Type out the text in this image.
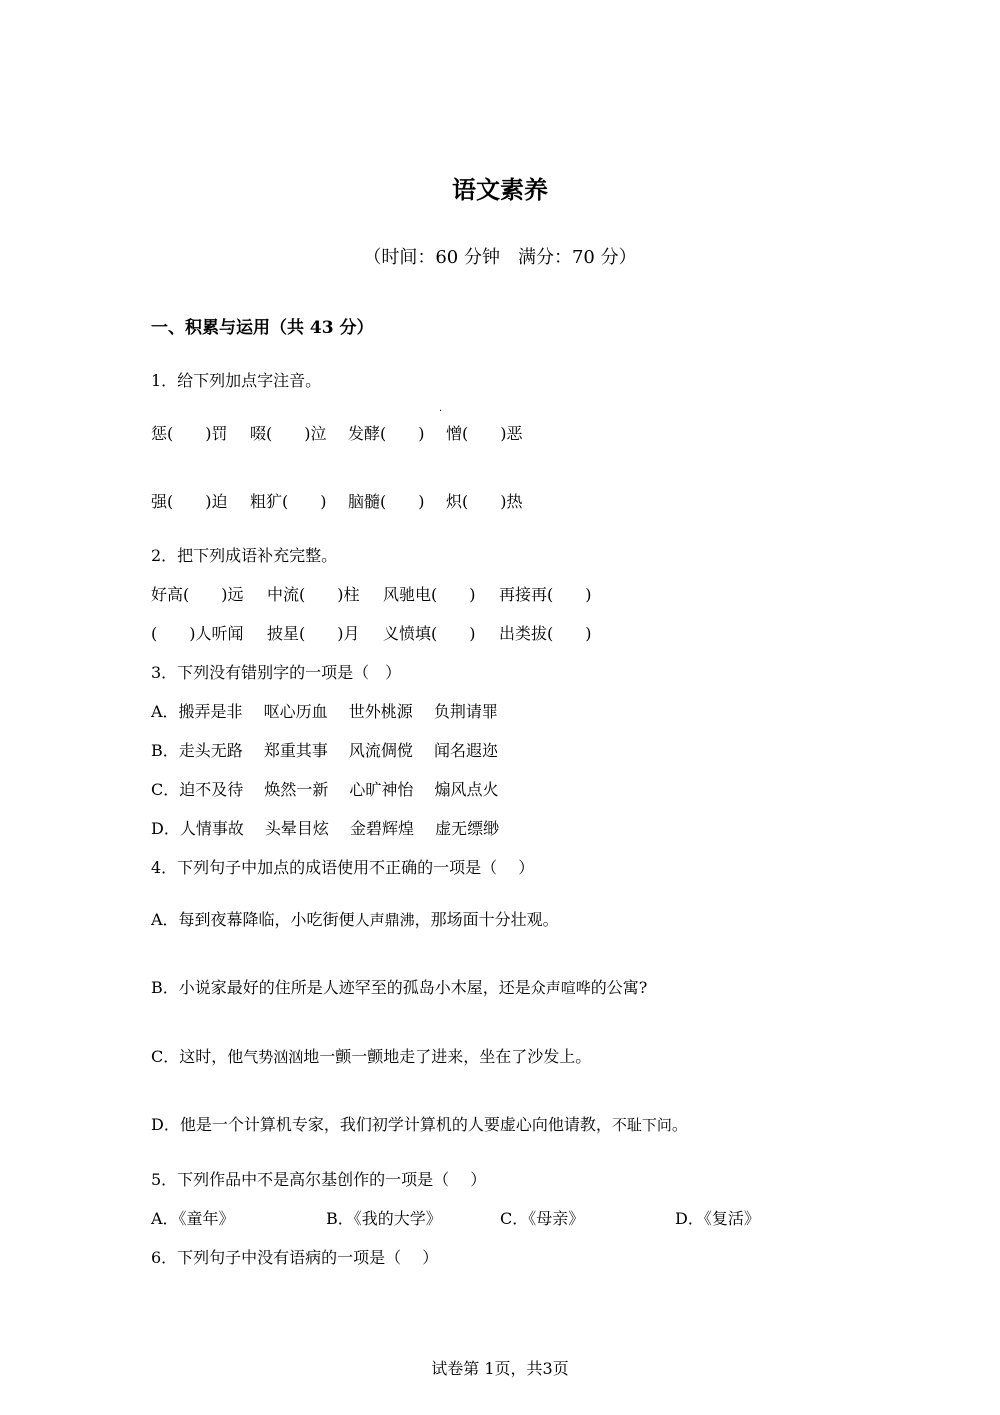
语文素养
（时间：60 分钟　满分：70 分）
一、积累与运用（共 43 分）
1．给下列加点字注音。
·
惩(　　)罚 啜(　　)泣 发酵(　　) 憎(　　)恶
强(　　)迫 粗犷(　　) 脑髓(　　) 炽(　　)热
2．把下列成语补充完整。
好高(　　)远 中流(　　)柱 风驰电(　　) 再接再(　　)
(　　)人听闻 披星(　　)月 义愤填(　　) 出类拔(　　)
3．下列没有错别字的一项是（　）
A．搬弄是非　 呕心历血　 世外桃源　 负荆请罪
B．走头无路　 郑重其事　 风流倜傥　 闻名遐迩
C．迫不及待　 焕然一新　 心旷神怡　 煽风点火
D．人情事故　 头晕目炫　 金碧辉煌　 虚无缥缈
4．下列句子中加点的成语使用不正确的一项是（　 ）
A．每到夜幕降临，小吃街便人声鼎沸，那场面十分壮观。
B．小说家最好的住所是人迹罕至的孤岛小木屋，还是众声喧哗的公寓?
C．这时，他气势汹汹地一颤一颤地走了进来，坐在了沙发上。
D．他是一个计算机专家，我们初学计算机的人要虚心向他请教，不耻下问。
5．下列作品中不是高尔基创作的一项是（　 ）
A．《童年》	B．《我的大学》	C．《母亲》	D．《复活》
6．下列句子中没有语病的一项是（　 ）
试卷第 1页，共3页
